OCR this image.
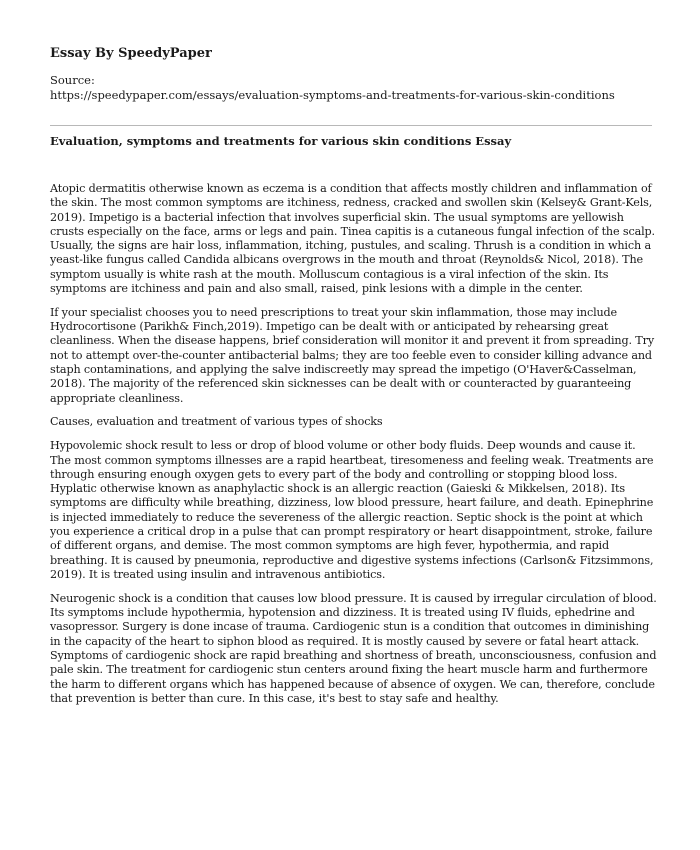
Essay By SpeedyPaper
Source:
https://speedypaper.com/essays/evaluation-symptoms-and-treatments-for-various-skin-conditions
Evaluation, symptoms and treatments for various skin conditions Essay

Atopic dermatitis otherwise known as eczema is a condition that affects mostly children and inflammation of the skin. The most common symptoms are itchiness, redness, cracked and swollen skin (Kelsey& Grant-Kels, 2019). Impetigo is a bacterial infection that involves superficial skin. The usual symptoms are yellowish crusts especially on the face, arms or legs and pain. Tinea capitis is a cutaneous fungal infection of the scalp. Usually, the signs are hair loss, inflammation, itching, pustules, and scaling. Thrush is a condition in which a yeast-like fungus called Candida albicans overgrows in the mouth and throat (Reynolds& Nicol, 2018). The symptom usually is white rash at the mouth. Molluscum contagious is a viral infection of the skin. Its symptoms are itchiness and pain and also small, raised, pink lesions with a dimple in the center.

If your specialist chooses you to need prescriptions to treat your skin inflammation, those may include Hydrocortisone (Parikh& Finch,2019). Impetigo can be dealt with or anticipated by rehearsing great cleanliness. When the disease happens, brief consideration will monitor it and prevent it from spreading. Try not to attempt over-the-counter antibacterial balms; they are too feeble even to consider killing advance and staph contaminations, and applying the salve indiscreetly may spread the impetigo (O'Haver&Casselman, 2018). The majority of the referenced skin sicknesses can be dealt with or counteracted by guaranteeing appropriate cleanliness.

Causes, evaluation and treatment of various types of shocks

Hypovolemic shock result to less or drop of blood volume or other body fluids. Deep wounds and cause it. The most common symptoms illnesses are a rapid heartbeat, tiresomeness and feeling weak. Treatments are through ensuring enough oxygen gets to every part of the body and controlling or stopping blood loss. Hyplatic otherwise known as anaphylactic shock is an allergic reaction (Gaieski & Mikkelsen, 2018). Its symptoms are difficulty while breathing, dizziness, low blood pressure, heart failure, and death. Epinephrine is injected immediately to reduce the severeness of the allergic reaction. Septic shock is the point at which you experience a critical drop in a pulse that can prompt respiratory or heart disappointment, stroke, failure of different organs, and demise. The most common symptoms are high fever, hypothermia, and rapid breathing. It is caused by pneumonia, reproductive and digestive systems infections (Carlson& Fitzsimmons, 2019). It is treated using insulin and intravenous antibiotics.

Neurogenic shock is a condition that causes low blood pressure. It is caused by irregular circulation of blood. Its symptoms include hypothermia, hypotension and dizziness. It is treated using IV fluids, ephedrine and vasopressor. Surgery is done incase of trauma. Cardiogenic stun is a condition that outcomes in diminishing in the capacity of the heart to siphon blood as required. It is mostly caused by severe or fatal heart attack. Symptoms of cardiogenic shock are rapid breathing and shortness of breath, unconsciousness, confusion and pale skin. The treatment for cardiogenic stun centers around fixing the heart muscle harm and furthermore the harm to different organs which has happened because of absence of oxygen. We can, therefore, conclude that prevention is better than cure. In this case, it's best to stay safe and healthy.
